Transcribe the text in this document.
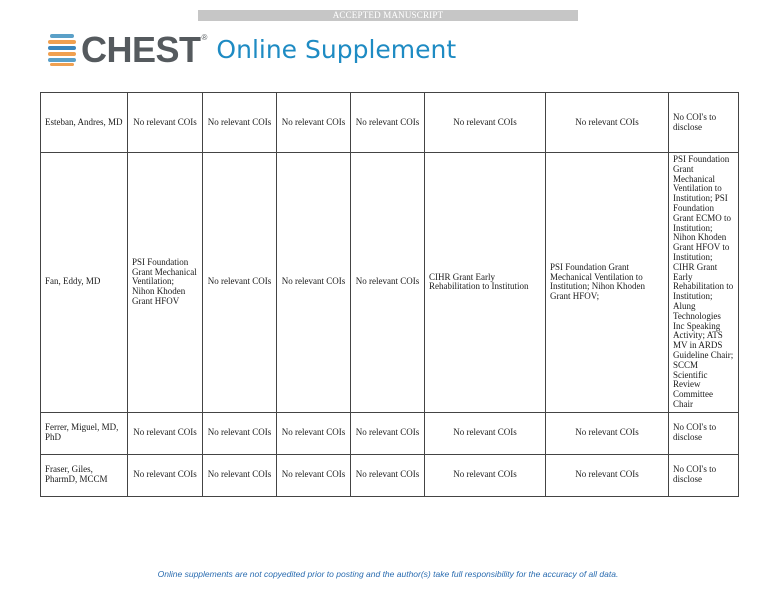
ACCEPTED MANUSCRIPT
CHEST ® Online Supplement
Esteban, Andres, MD	No relevant COIs	No relevant COIs	No relevant COIs	No relevant COIs	No relevant COIs	No relevant COIs	No COI's to disclose
Fan, Eddy, MD	PSI Foundation Grant Mechanical Ventilation; Nihon Khoden Grant HFOV	No relevant COIs	No relevant COIs	No relevant COIs	CIHR Grant Early Rehabilitation to Institution	PSI Foundation Grant Mechanical Ventilation to Institution; Nihon Khoden Grant HFOV;	PSI Foundation Grant Mechanical Ventilation to Institution; PSI Foundation Grant ECMO to Institution; Nihon Khoden Grant HFOV to Institution; CIHR Grant Early Rehabilitation to Institution; Alung Technologies Inc Speaking Activity; ATS MV in ARDS Guideline Chair; SCCM Scientific Review Committee Chair
Ferrer, Miguel, MD, PhD	No relevant COIs	No relevant COIs	No relevant COIs	No relevant COIs	No relevant COIs	No relevant COIs	No COI's to disclose
Fraser, Giles, PharmD, MCCM	No relevant COIs	No relevant COIs	No relevant COIs	No relevant COIs	No relevant COIs	No relevant COIs	No COI's to disclose
Online supplements are not copyedited prior to posting and the author(s) take full responsibility for the accuracy of all data.
